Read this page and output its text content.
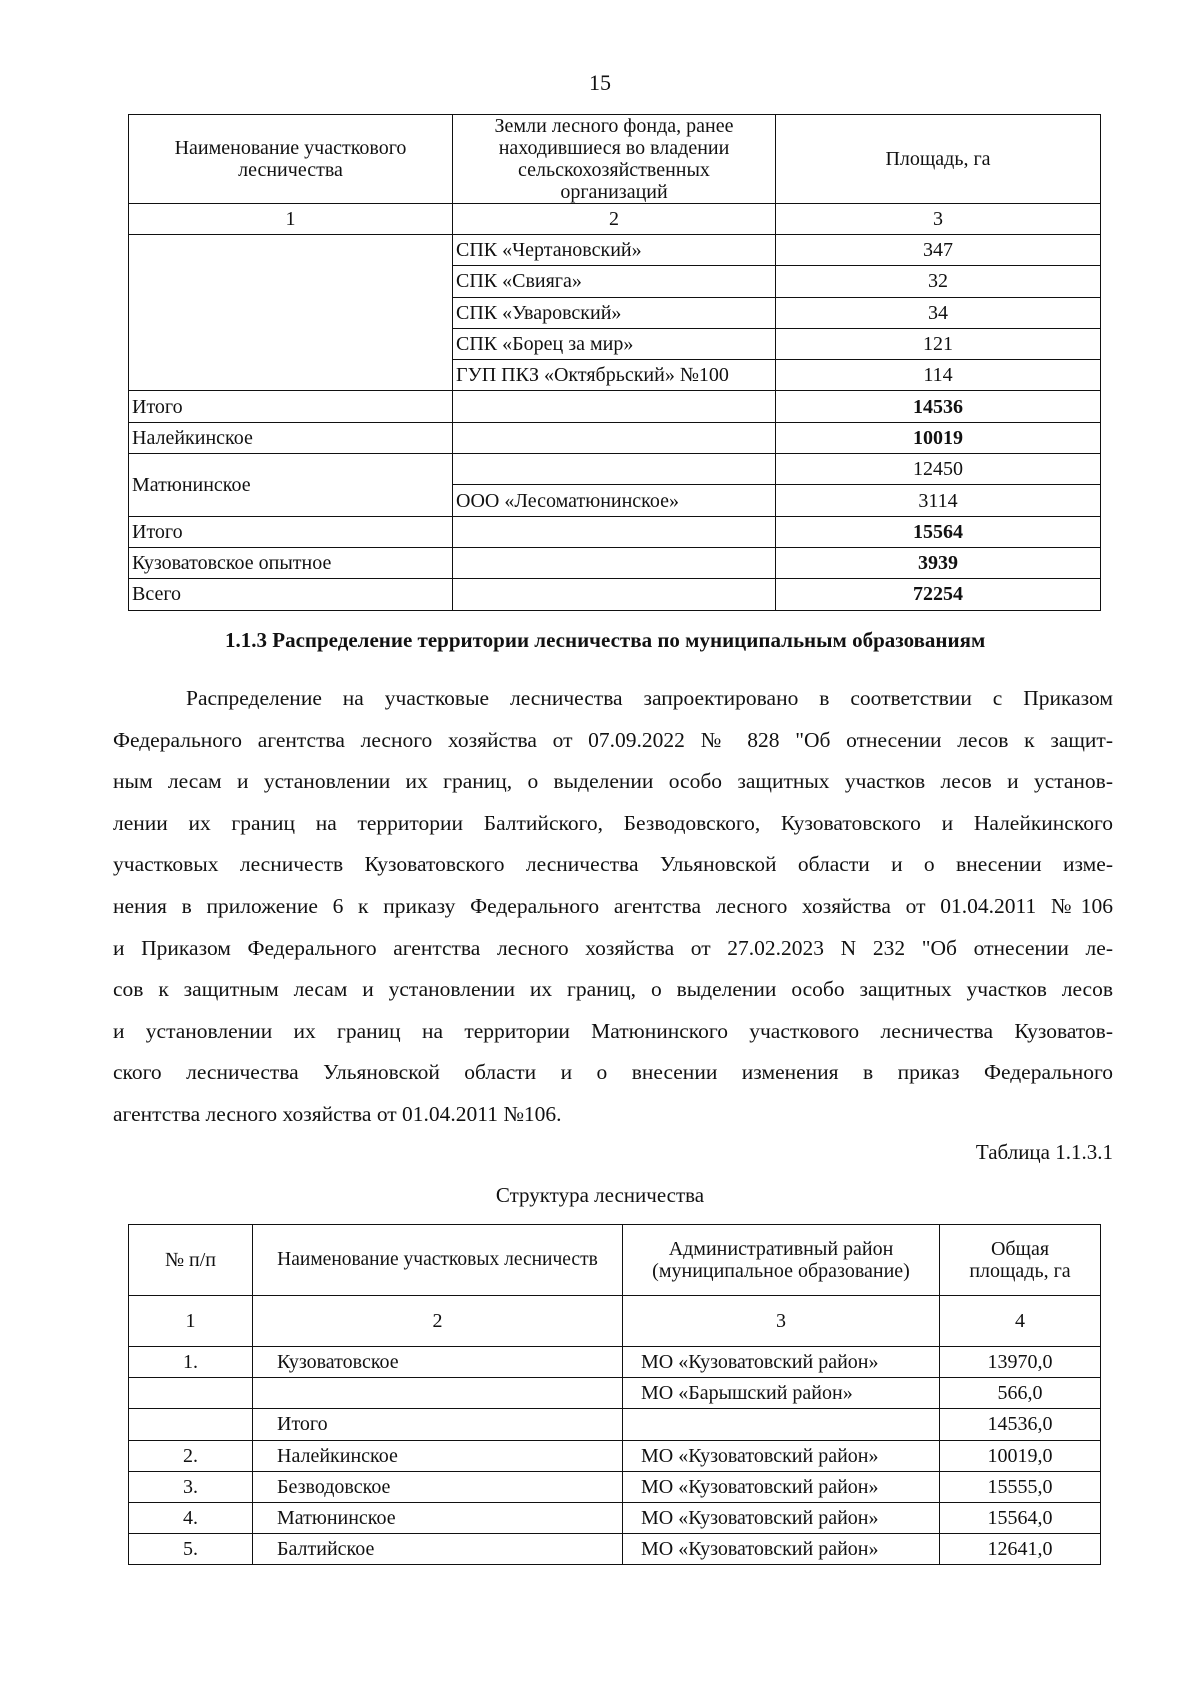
15
Наименование участкового лесничества	Земли лесного фонда, ранее находившиеся во владении сельскохозяйственных организаций	Площадь, га
1	2	3
	СПК «Чертановский»	347
	СПК «Свияга»	32
	СПК «Уваровский»	34
	СПК «Борец за мир»	121
	ГУП ПКЗ «Октябрьский» №100	114
Итого		14536
Налейкинское		10019
Матюнинское		12450
	ООО «Лесоматюнинское»	3114
Итого		15564
Кузоватовское опытное		3939
Всего		72254
1.1.3 Распределение территории лесничества по муниципальным образованиям
Распределение на участковые лесничества запроектировано в соответствии с Приказом
Федерального агентства лесного хозяйства от 07.09.2022 № 828 "Об отнесении лесов к защит-
ным лесам и установлении их границ, о выделении особо защитных участков лесов и установ-
лении их границ на территории Балтийского, Безводовского, Кузоватовского и Налейкинского
участковых лесничеств Кузоватовского лесничества Ульяновской области и о внесении изме-
нения в приложение 6 к приказу Федерального агентства лесного хозяйства от 01.04.2011 №106
и Приказом Федерального агентства лесного хозяйства от 27.02.2023 N 232 "Об отнесении ле-
сов к защитным лесам и установлении их границ, о выделении особо защитных участков лесов
и установлении их границ на территории Матюнинского участкового лесничества Кузоватов-
ского лесничества Ульяновской области и о внесении изменения в приказ Федерального
агентства лесного хозяйства от 01.04.2011 №106.
Таблица 1.1.3.1
Структура лесничества
№ п/п	Наименование участковых лесничеств	Административный район (муниципальное образование)	Общая площадь, га
1	2	3	4
1.	Кузоватовское	МО «Кузоватовский район»	13970,0
		МО «Барышский район»	566,0
	Итого		14536,0
2.	Налейкинское	МО «Кузоватовский район»	10019,0
3.	Безводовское	МО «Кузоватовский район»	15555,0
4.	Матюнинское	МО «Кузоватовский район»	15564,0
5.	Балтийское	МО «Кузоватовский район»	12641,0
